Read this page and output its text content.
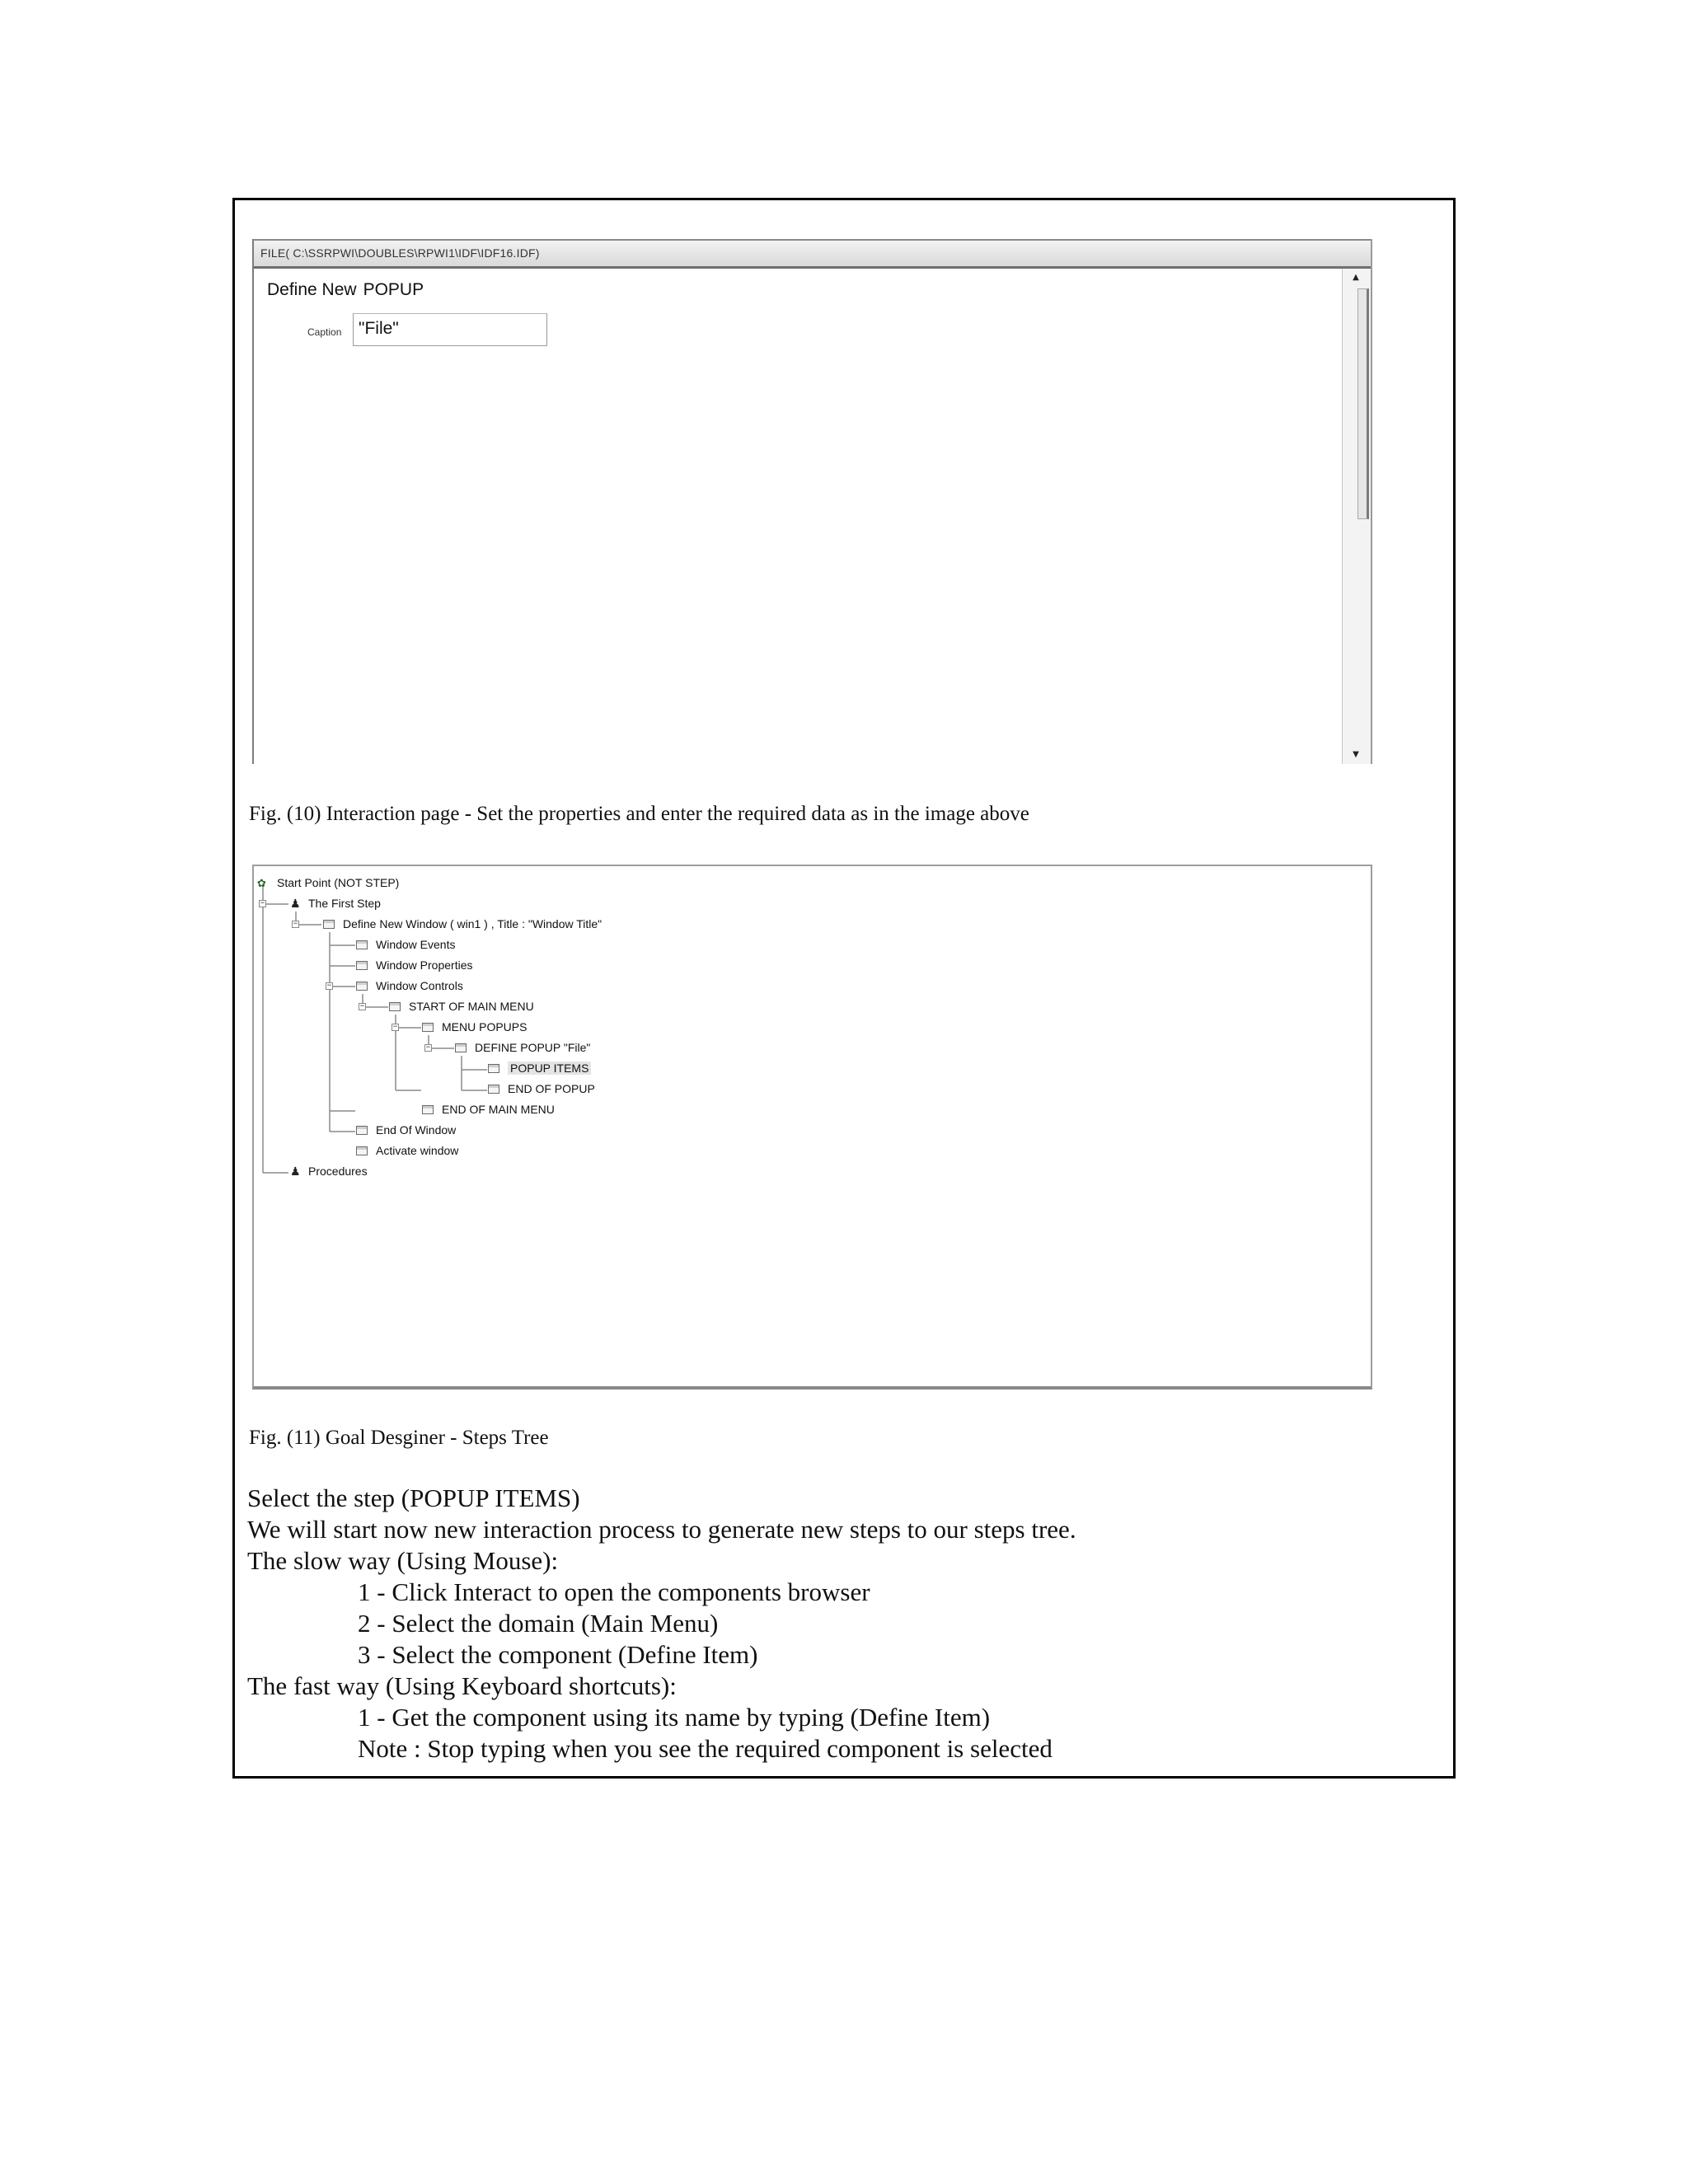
FILE( C:\SSRPWI\DOUBLES\RPWI1\IDF\IDF16.IDF)
Define New POPUP
Caption "File"
▲
▼
Fig. (10) Interaction page - Set the properties and enter the required data as in the image above
−
−
−
−
−
−
✿ Start Point (NOT STEP)
♟ The First Step
Define New Window ( win1 ) , Title : "Window Title"
Window Events
Window Properties
Window Controls
START OF MAIN MENU
MENU POPUPS
DEFINE POPUP "File"
POPUP ITEMS
END OF POPUP
END OF MAIN MENU
End Of Window
Activate window
♟ Procedures
Fig. (11) Goal Desginer - Steps Tree
Select the step (POPUP ITEMS)
We will start now new interaction process to generate new steps to our steps tree.
The slow way (Using Mouse):
1 - Click Interact to open the components browser
2 - Select the domain (Main Menu)
3 - Select the component (Define Item)
The fast way (Using Keyboard shortcuts):
1 - Get the component using its name by typing (Define Item)
Note : Stop typing when you see the required component is selected
